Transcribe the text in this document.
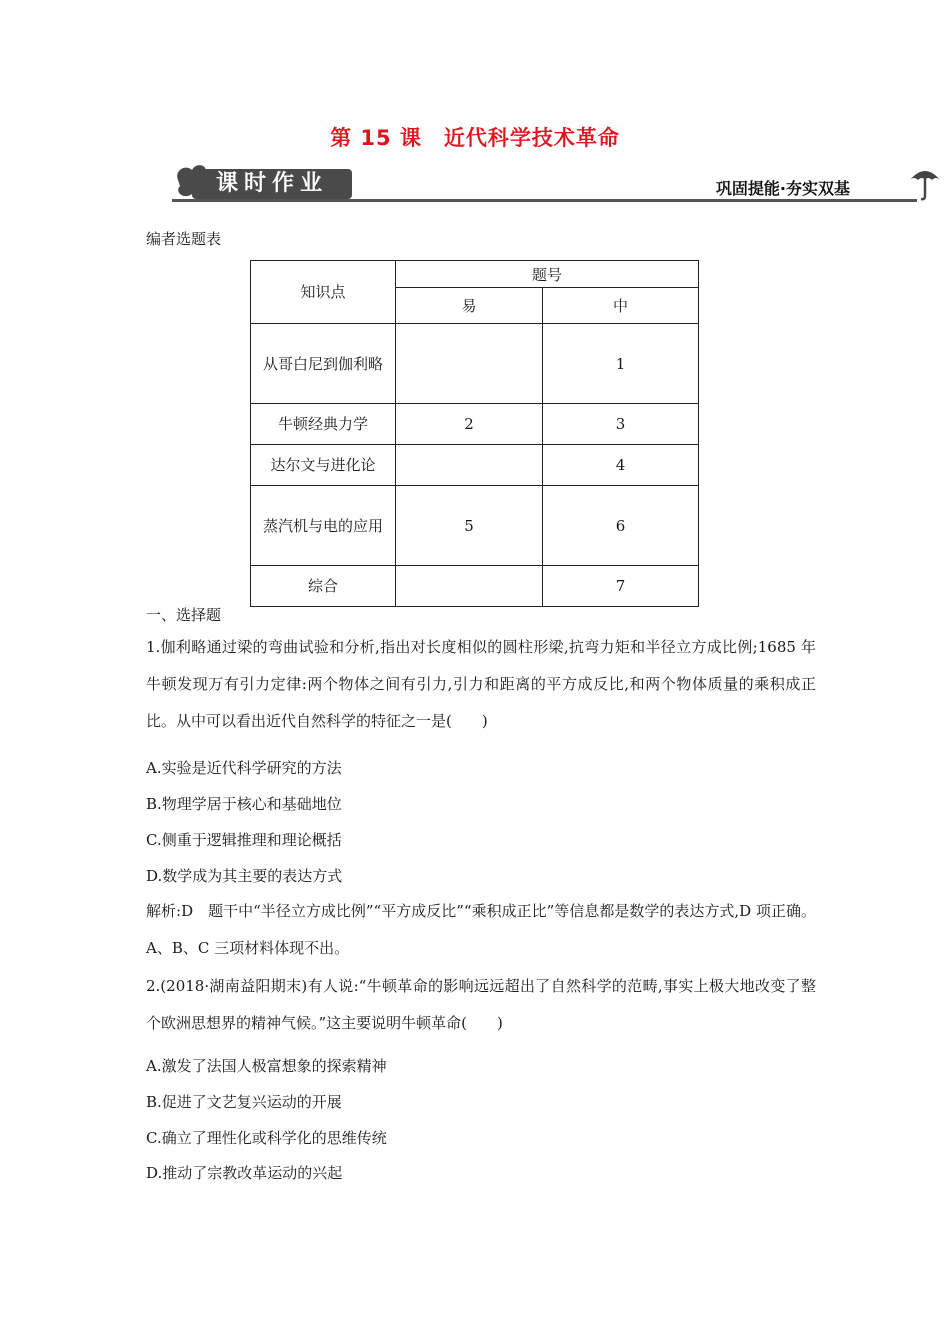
第 15 课　近代科学技术革命
课时作业	巩固提能·夯实双基
编者选题表
知识点	题号	
	易	中
从哥白尼到伽利略		1
牛顿经典力学	2	3
达尔文与进化论		4
蒸汽机与电的应用	5	6
综合		7
一、选择题
1.伽利略通过梁的弯曲试验和分析,指出对长度相似的圆柱形梁,抗弯力矩和半径立方成比例;1685 年牛顿发现万有引力定律:两个物体之间有引力,引力和距离的平方成反比,和两个物体质量的乘积成正比。从中可以看出近代自然科学的特征之一是(　　)
A.实验是近代科学研究的方法
B.物理学居于核心和基础地位
C.侧重于逻辑推理和理论概括
D.数学成为其主要的表达方式
解析:D　题干中“半径立方成比例”“平方成反比”“乘积成正比”等信息都是数学的表达方式,D 项正确。A、B、C 三项材料体现不出。
2.(2018·湖南益阳期末)有人说:“牛顿革命的影响远远超出了自然科学的范畴,事实上极大地改变了整个欧洲思想界的精神气候。”这主要说明牛顿革命(　　)
A.激发了法国人极富想象的探索精神
B.促进了文艺复兴运动的开展
C.确立了理性化或科学化的思维传统
D.推动了宗教改革运动的兴起
